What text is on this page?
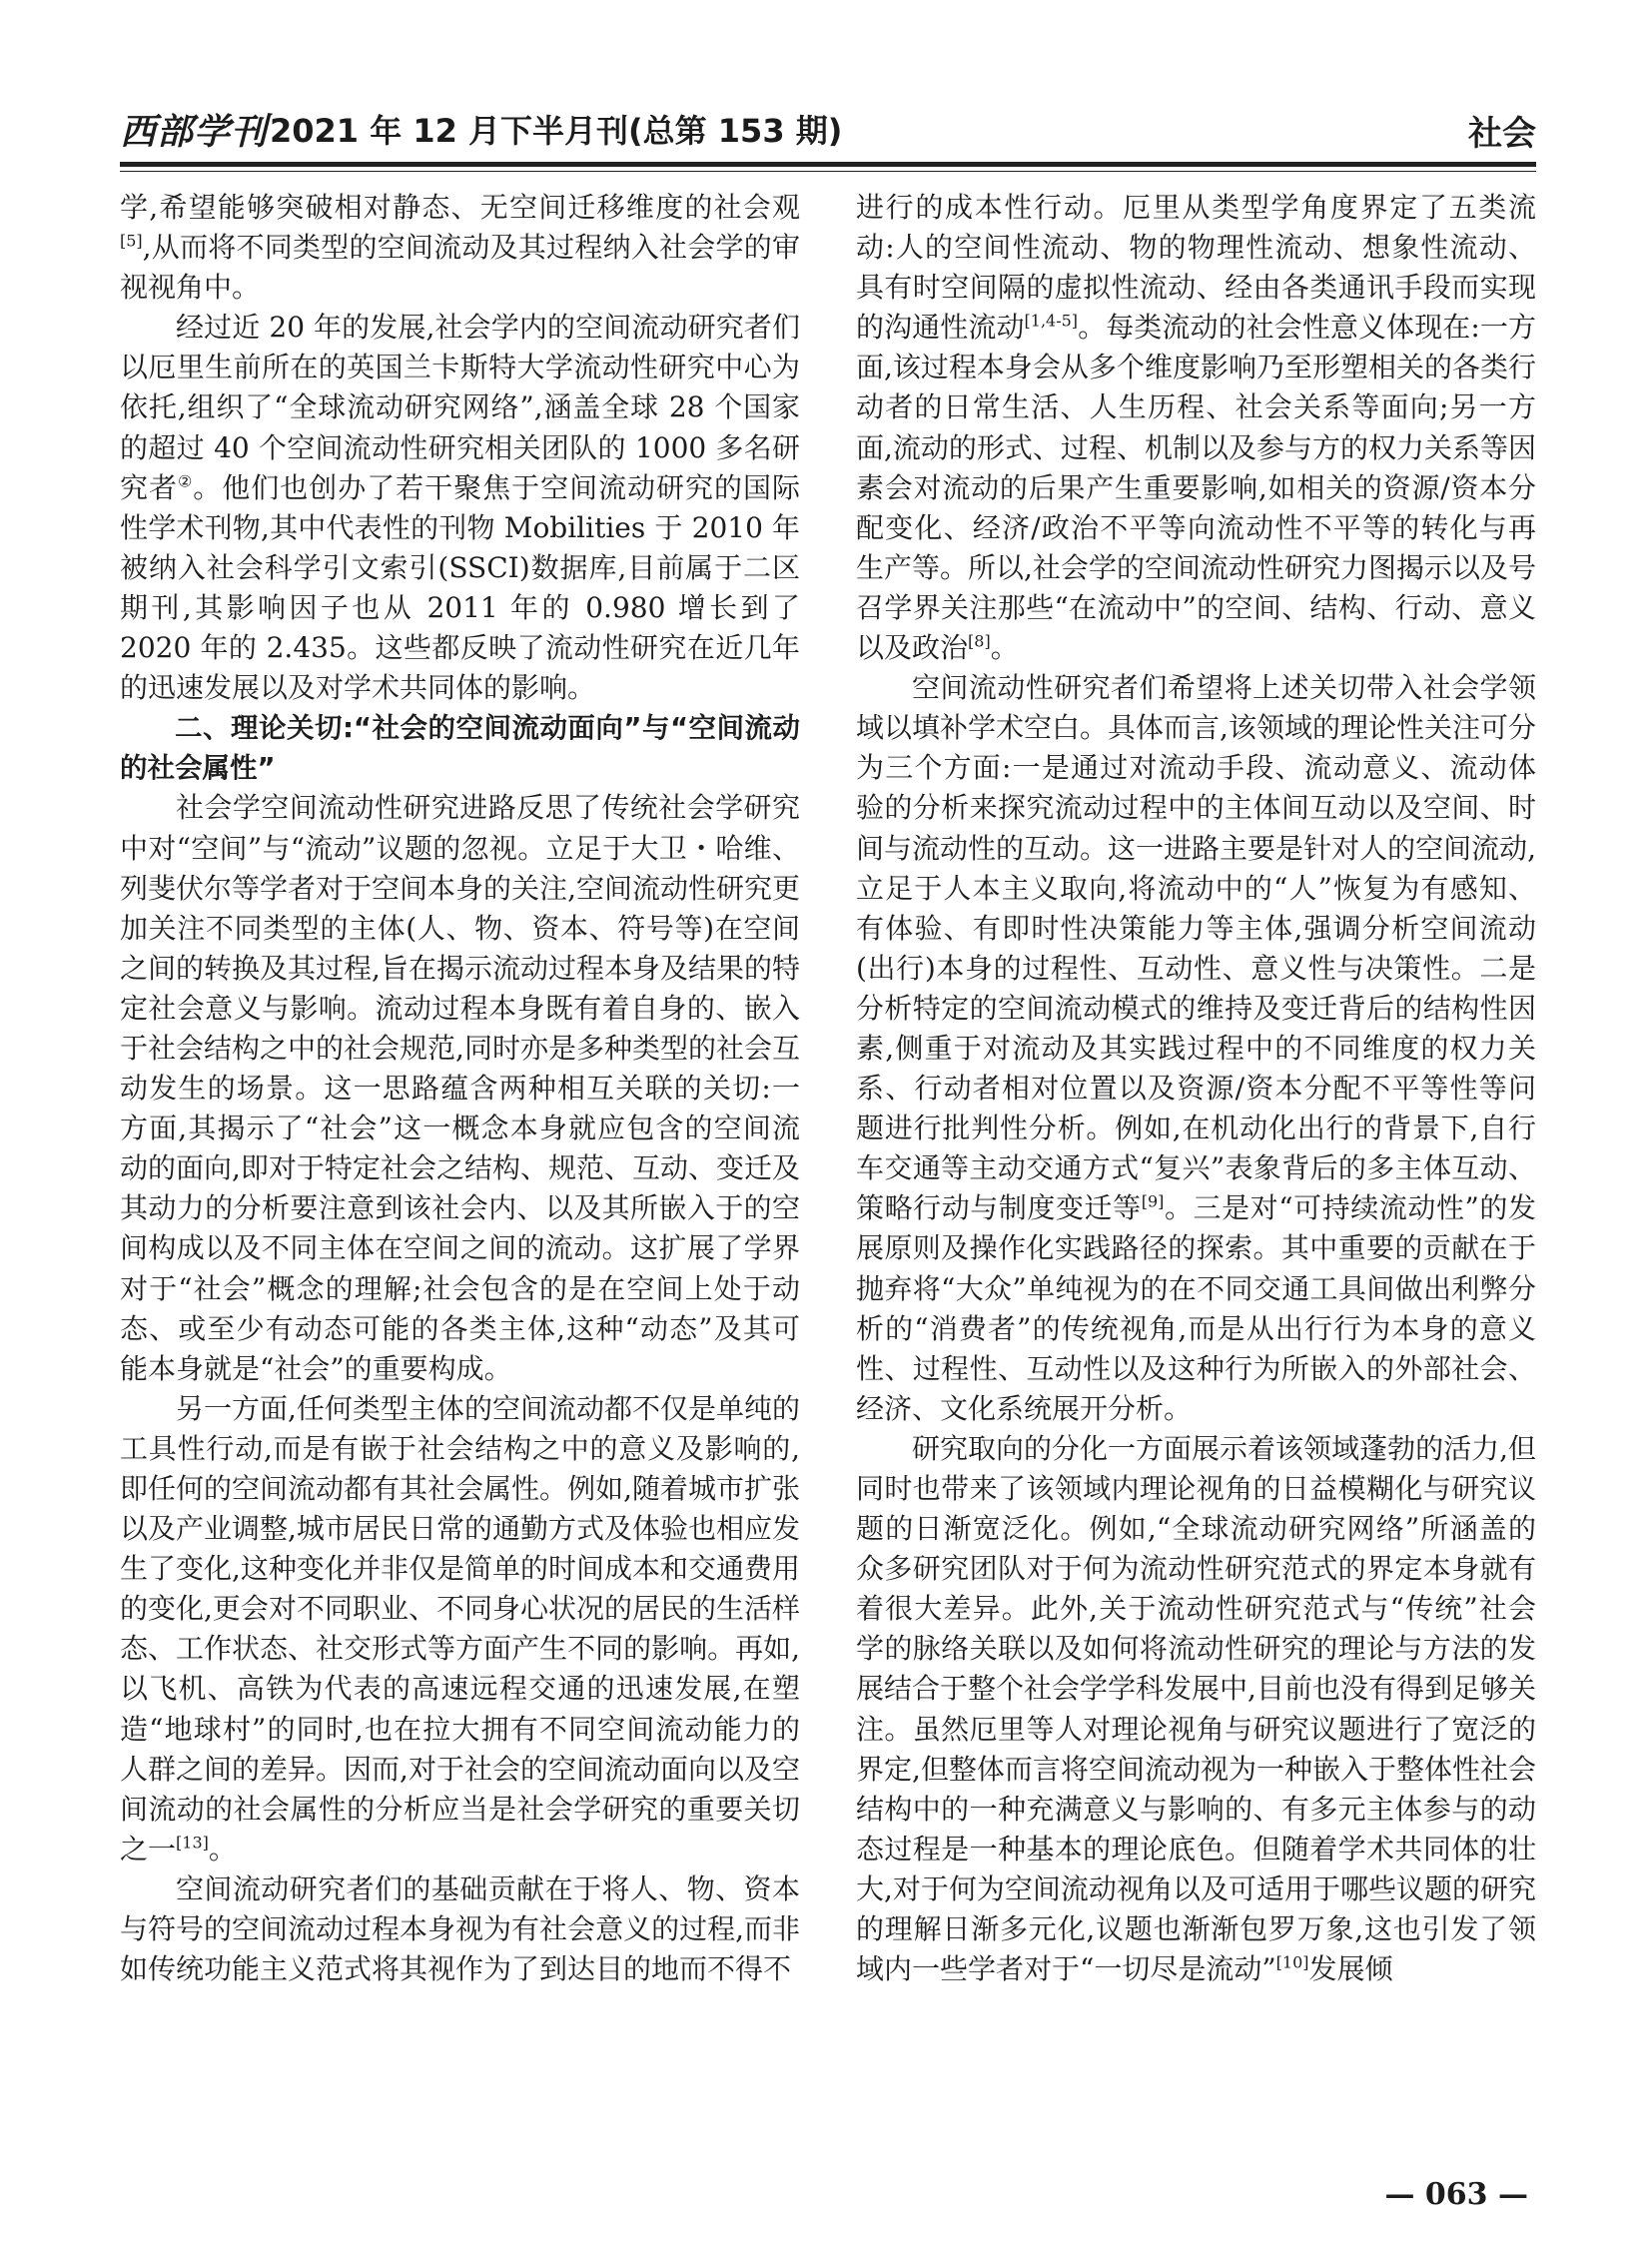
西部学刊 2021 年 12 月下半月刊(总第 153 期)	社会

学,希望能够突破相对静态、无空间迁移维度的社会观[5],从而将不同类型的空间流动及其过程纳入社会学的审视视角中。

经过近 20 年的发展,社会学内的空间流动研究者们以厄里生前所在的英国兰卡斯特大学流动性研究中心为依托,组织了“全球流动研究网络”,涵盖全球 28 个国家的超过 40 个空间流动性研究相关团队的 1000 多名研究者②。他们也创办了若干聚焦于空间流动研究的国际性学术刊物,其中代表性的刊物 Mobilities 于 2010 年被纳入社会科学引文索引(SSCI)数据库,目前属于二区期刊,其影响因子也从 2011 年的 0.980 增长到了 2020 年的 2.435。这些都反映了流动性研究在近几年的迅速发展以及对学术共同体的影响。

二、理论关切:“社会的空间流动面向”与“空间流动的社会属性”

社会学空间流动性研究进路反思了传统社会学研究中对“空间”与“流动”议题的忽视。立足于大卫・哈维、列斐伏尔等学者对于空间本身的关注,空间流动性研究更加关注不同类型的主体(人、物、资本、符号等)在空间之间的转换及其过程,旨在揭示流动过程本身及结果的特定社会意义与影响。流动过程本身既有着自身的、嵌入于社会结构之中的社会规范,同时亦是多种类型的社会互动发生的场景。这一思路蕴含两种相互关联的关切:一方面,其揭示了“社会”这一概念本身就应包含的空间流动的面向,即对于特定社会之结构、规范、互动、变迁及其动力的分析要注意到该社会内、以及其所嵌入于的空间构成以及不同主体在空间之间的流动。这扩展了学界对于“社会”概念的理解;社会包含的是在空间上处于动态、或至少有动态可能的各类主体,这种“动态”及其可能本身就是“社会”的重要构成。

另一方面,任何类型主体的空间流动都不仅是单纯的工具性行动,而是有嵌于社会结构之中的意义及影响的,即任何的空间流动都有其社会属性。例如,随着城市扩张以及产业调整,城市居民日常的通勤方式及体验也相应发生了变化,这种变化并非仅是简单的时间成本和交通费用的变化,更会对不同职业、不同身心状况的居民的生活样态、工作状态、社交形式等方面产生不同的影响。再如,以飞机、高铁为代表的高速远程交通的迅速发展,在塑造“地球村”的同时,也在拉大拥有不同空间流动能力的人群之间的差异。因而,对于社会的空间流动面向以及空间流动的社会属性的分析应当是社会学研究的重要关切之一[13]。

空间流动研究者们的基础贡献在于将人、物、资本与符号的空间流动过程本身视为有社会意义的过程,而非如传统功能主义范式将其视作为了到达目的地而不得不

进行的成本性行动。厄里从类型学角度界定了五类流动:人的空间性流动、物的物理性流动、想象性流动、具有时空间隔的虚拟性流动、经由各类通讯手段而实现的沟通性流动[1,4-5]。每类流动的社会性意义体现在:一方面,该过程本身会从多个维度影响乃至形塑相关的各类行动者的日常生活、人生历程、社会关系等面向;另一方面,流动的形式、过程、机制以及参与方的权力关系等因素会对流动的后果产生重要影响,如相关的资源/资本分配变化、经济/政治不平等向流动性不平等的转化与再生产等。所以,社会学的空间流动性研究力图揭示以及号召学界关注那些“在流动中”的空间、结构、行动、意义以及政治[8]。

空间流动性研究者们希望将上述关切带入社会学领域以填补学术空白。具体而言,该领域的理论性关注可分为三个方面:一是通过对流动手段、流动意义、流动体验的分析来探究流动过程中的主体间互动以及空间、时间与流动性的互动。这一进路主要是针对人的空间流动,立足于人本主义取向,将流动中的“人”恢复为有感知、有体验、有即时性决策能力等主体,强调分析空间流动(出行)本身的过程性、互动性、意义性与决策性。二是分析特定的空间流动模式的维持及变迁背后的结构性因素,侧重于对流动及其实践过程中的不同维度的权力关系、行动者相对位置以及资源/资本分配不平等性等问题进行批判性分析。例如,在机动化出行的背景下,自行车交通等主动交通方式“复兴”表象背后的多主体互动、策略行动与制度变迁等[9]。三是对“可持续流动性”的发展原则及操作化实践路径的探索。其中重要的贡献在于抛弃将“大众”单纯视为的在不同交通工具间做出利弊分析的“消费者”的传统视角,而是从出行行为本身的意义性、过程性、互动性以及这种行为所嵌入的外部社会、经济、文化系统展开分析。

研究取向的分化一方面展示着该领域蓬勃的活力,但同时也带来了该领域内理论视角的日益模糊化与研究议题的日渐宽泛化。例如,“全球流动研究网络”所涵盖的众多研究团队对于何为流动性研究范式的界定本身就有着很大差异。此外,关于流动性研究范式与“传统”社会学的脉络关联以及如何将流动性研究的理论与方法的发展结合于整个社会学学科发展中,目前也没有得到足够关注。虽然厄里等人对理论视角与研究议题进行了宽泛的界定,但整体而言将空间流动视为一种嵌入于整体性社会结构中的一种充满意义与影响的、有多元主体参与的动态过程是一种基本的理论底色。但随着学术共同体的壮大,对于何为空间流动视角以及可适用于哪些议题的研究的理解日渐多元化,议题也渐渐包罗万象,这也引发了领域内一些学者对于“一切尽是流动”[10]发展倾

— 063 —
